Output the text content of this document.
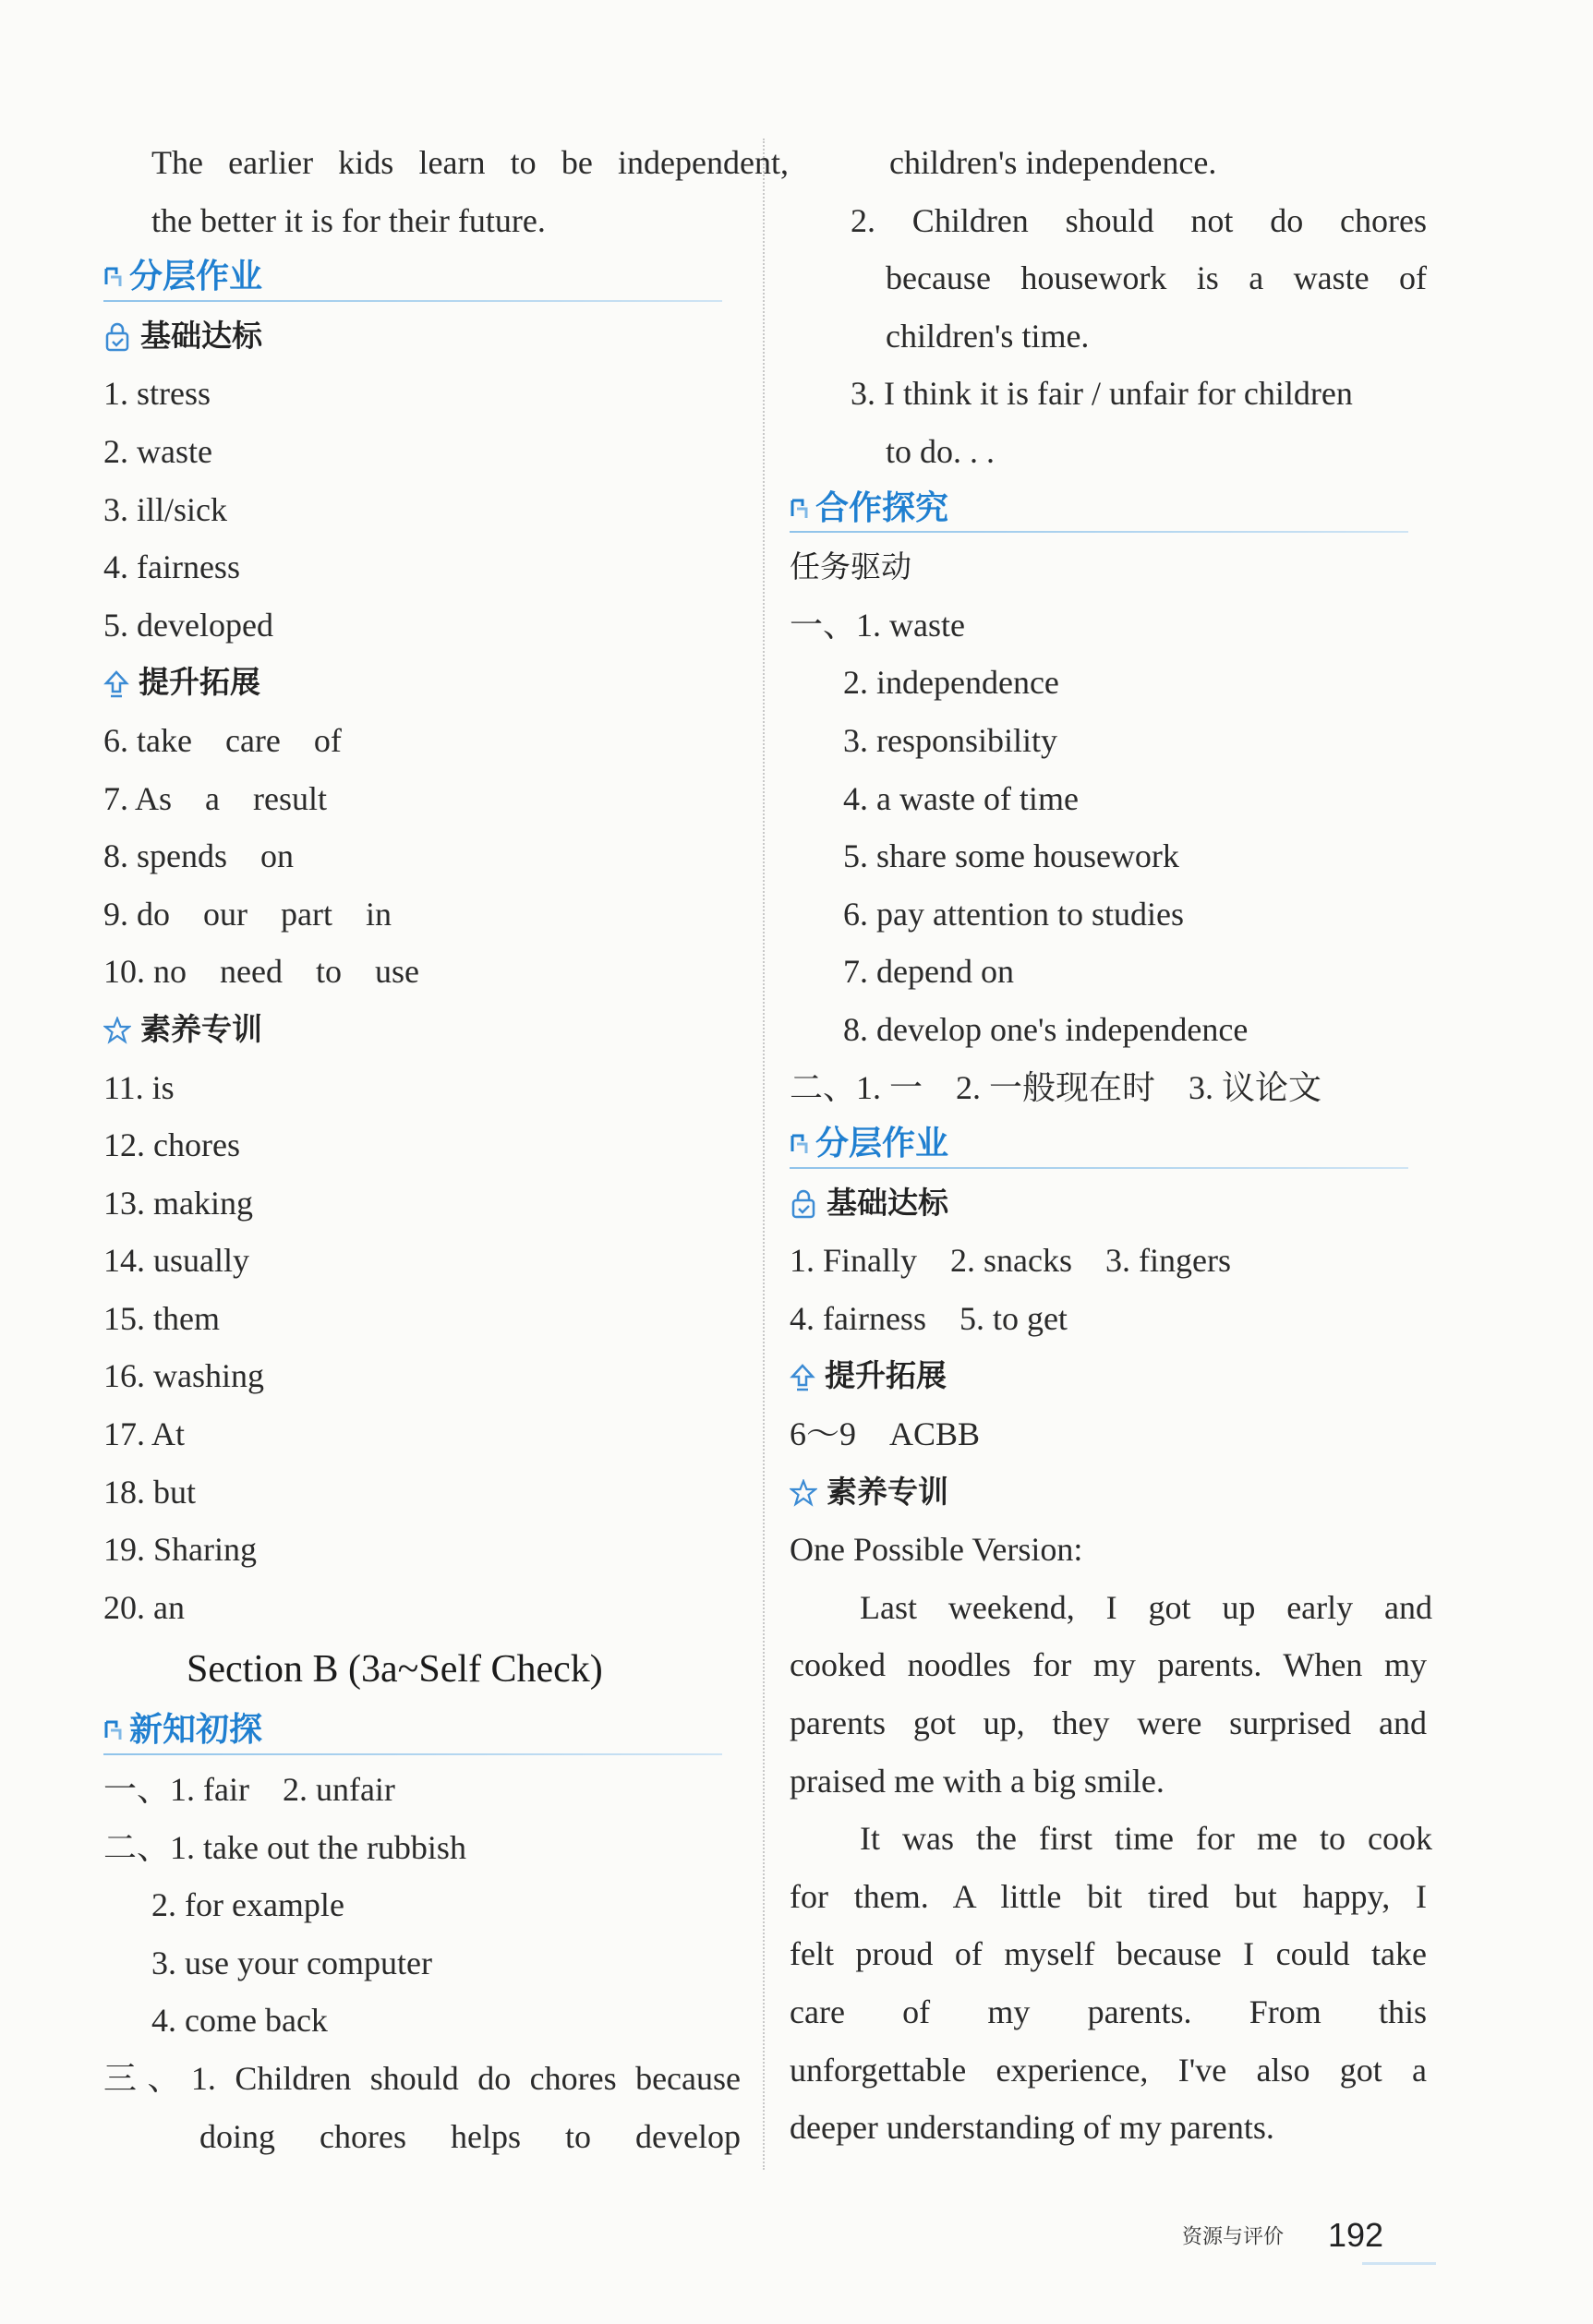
The earlier kids learn to be independent,
the better it is for their future.
分层作业
基础达标
1. stress
2. waste
3. ill/sick
4. fairness
5. developed
提升拓展
6. take　care　of
7. As　a　result
8. spends　on
9. do　our　part　in
10. no　need　to　use
素养专训
11. is
12. chores
13. making
14. usually
15. them
16. washing
17. At
18. but
19. Sharing
20. an
Section B (3a~Self Check)
新知初探
一、1. fair　2. unfair
二、1. take out the rubbish
2. for example
3. use your computer
4. come back
三、1. Children should do chores because
doing chores helps to develop
children's independence.
2. Children should not do chores
because housework is a waste of
children's time.
3. I think it is fair / unfair for children
to do. . .
合作探究
任务驱动
一、1. waste
2. independence
3. responsibility
4. a waste of time
5. share some housework
6. pay attention to studies
7. depend on
8. develop one's independence
二、1. 一　2. 一般现在时　3. 议论文
分层作业
基础达标
1. Finally　2. snacks　3. fingers
4. fairness　5. to get
提升拓展
6～9　ACBB
素养专训
One Possible Version:
Last weekend, I got up early and
cooked noodles for my parents. When my
parents got up, they were surprised and
praised me with a big smile.
It was the first time for me to cook
for them. A little bit tired but happy, I
felt proud of myself because I could take
care of my parents. From this
unforgettable experience, I've also got a
deeper understanding of my parents.
资源与评价 192
